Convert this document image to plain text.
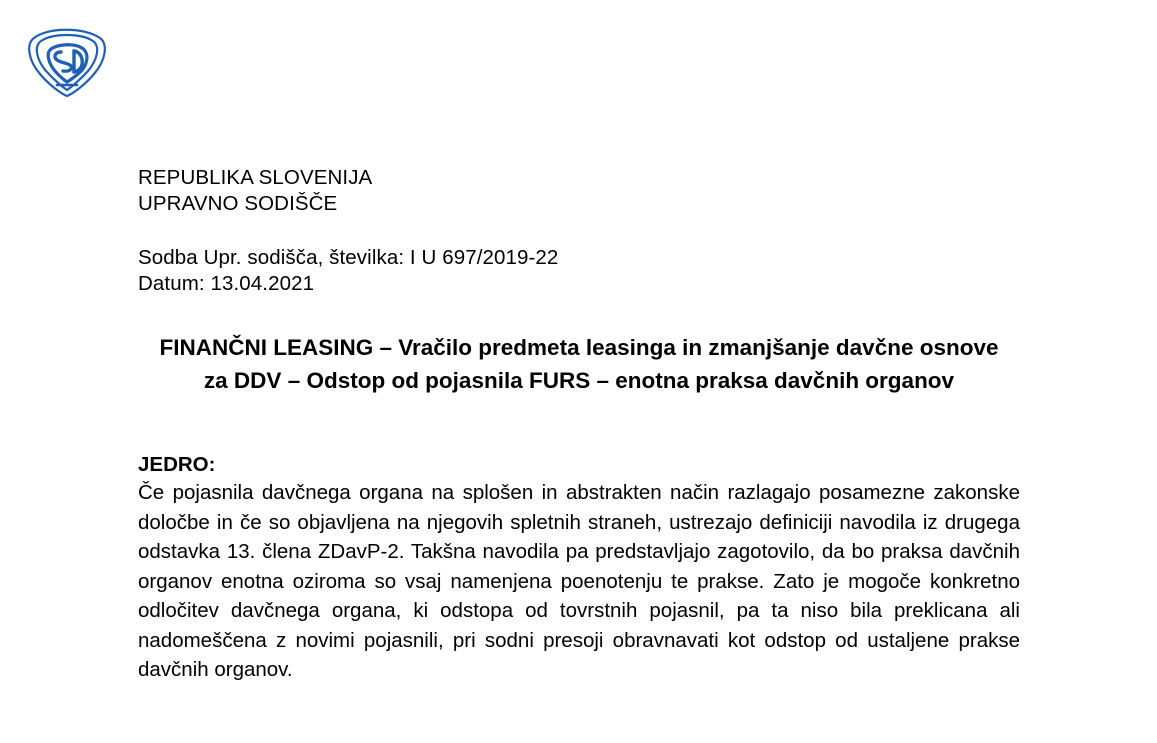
REPUBLIKA SLOVENIJA
UPRAVNO SODIŠČE
Sodba Upr. sodišča, številka: I U 697/2019-22
Datum: 13.04.2021
FINANČNI LEASING – Vračilo predmeta leasinga in zmanjšanje davčne osnove za DDV – Odstop od pojasnila FURS – enotna praksa davčnih organov
JEDRO:
Če pojasnila davčnega organa na splošen in abstrakten način razlagajo posamezne zakonske določbe in če so objavljena na njegovih spletnih straneh, ustrezajo definiciji navodila iz drugega odstavka 13. člena ZDavP-2. Takšna navodila pa predstavljajo zagotovilo, da bo praksa davčnih organov enotna oziroma so vsaj namenjena poenotenju te prakse. Zato je mogoče konkretno odločitev davčnega organa, ki odstopa od tovrstnih pojasnil, pa ta niso bila preklicana ali nadomeščena z novimi pojasnili, pri sodni presoji obravnavati kot odstop od ustaljene prakse davčnih organov.
